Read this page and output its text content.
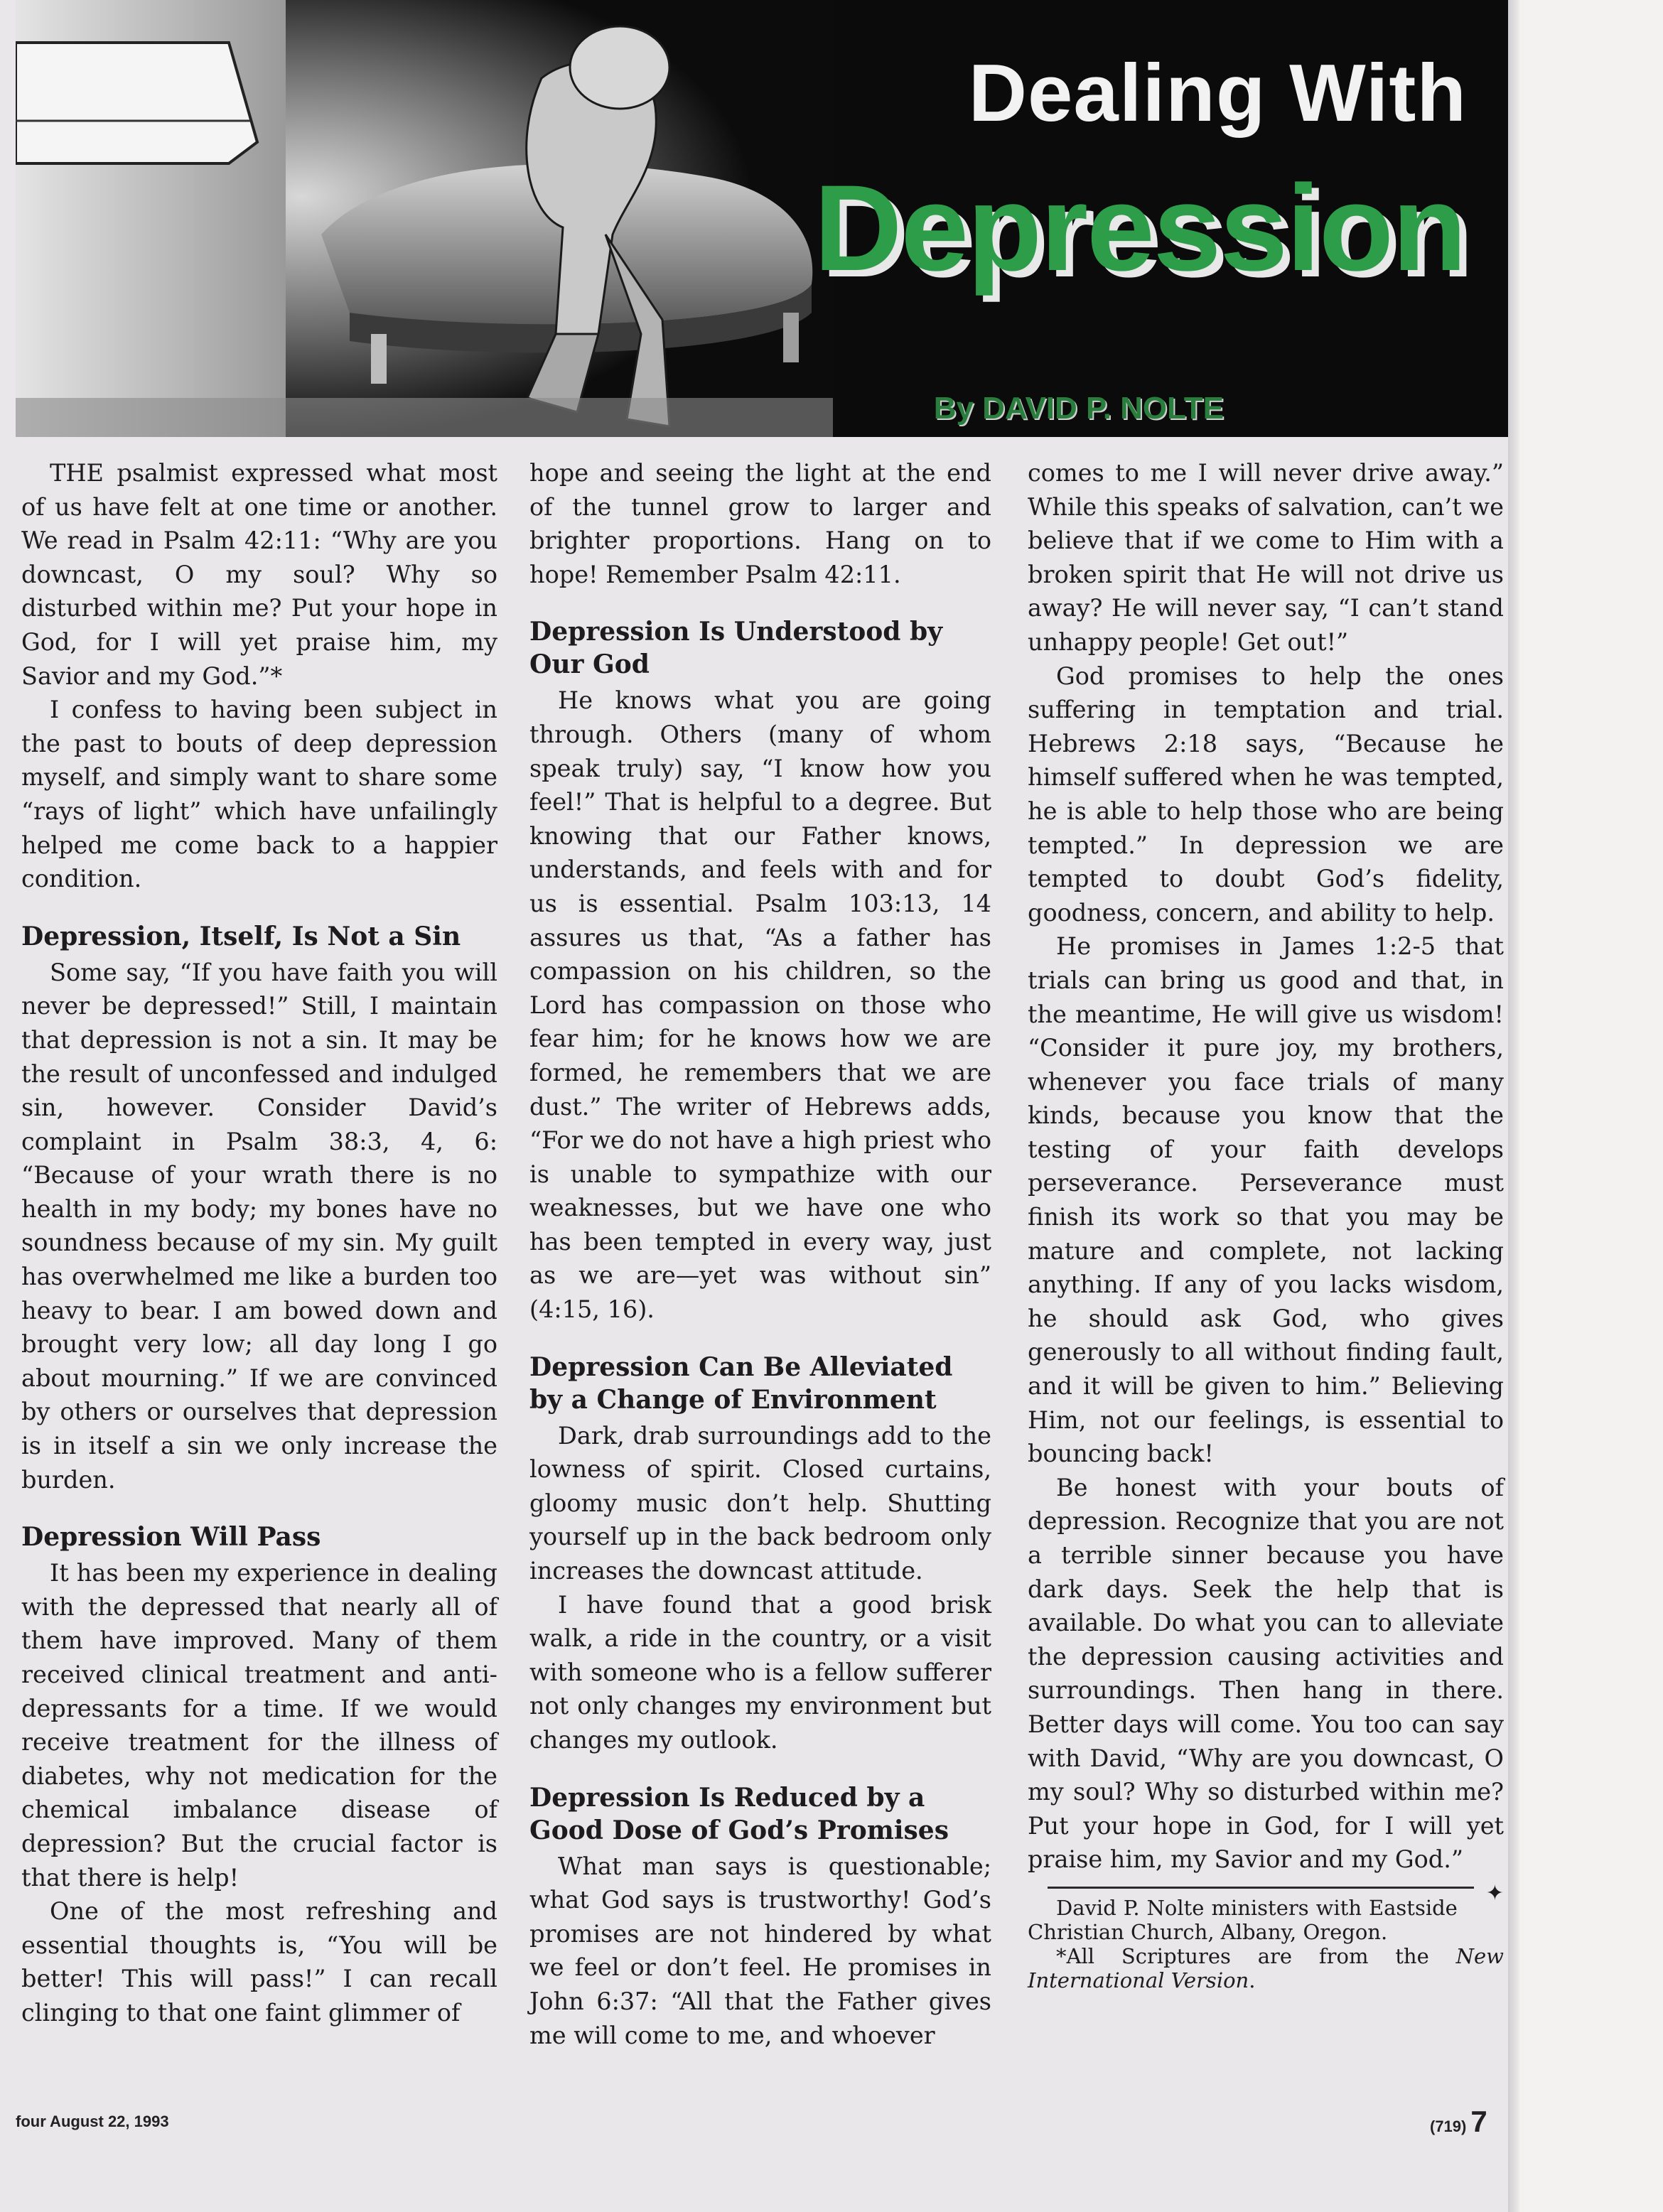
Dealing With
Depression
By DAVID P. NOLTE

THE psalmist expressed what most of us have felt at one time or another. We read in Psalm 42:11: “Why are you downcast, O my soul? Why so disturbed within me? Put your hope in God, for I will yet praise him, my Savior and my God.”*

I confess to having been subject in the past to bouts of deep depression myself, and simply want to share some “rays of light” which have unfailingly helped me come back to a happier condition.

Depression, Itself, Is Not a Sin

Some say, “If you have faith you will never be depressed!” Still, I maintain that depression is not a sin. It may be the result of unconfessed and indulged sin, however. Consider David’s complaint in Psalm 38:3, 4, 6: “Because of your wrath there is no health in my body; my bones have no soundness because of my sin. My guilt has overwhelmed me like a burden too heavy to bear. I am bowed down and brought very low; all day long I go about mourning.” If we are convinced by others or ourselves that depression is in itself a sin we only increase the burden.

Depression Will Pass

It has been my experience in dealing with the depressed that nearly all of them have improved. Many of them received clinical treatment and anti-depressants for a time. If we would receive treatment for the illness of diabetes, why not medication for the chemical imbalance disease of depression? But the crucial factor is that there is help!

One of the most refreshing and essential thoughts is, “You will be better! This will pass!” I can recall clinging to that one faint glimmer of

hope and seeing the light at the end of the tunnel grow to larger and brighter proportions. Hang on to hope! Remember Psalm 42:11.

Depression Is Understood by Our God

He knows what you are going through. Others (many of whom speak truly) say, “I know how you feel!” That is helpful to a degree. But knowing that our Father knows, understands, and feels with and for us is essential. Psalm 103:13, 14 assures us that, “As a father has compassion on his children, so the Lord has compassion on those who fear him; for he knows how we are formed, he remembers that we are dust.” The writer of Hebrews adds, “For we do not have a high priest who is unable to sympathize with our weaknesses, but we have one who has been tempted in every way, just as we are—yet was without sin” (4:15, 16).

Depression Can Be Alleviated by a Change of Environment

Dark, drab surroundings add to the lowness of spirit. Closed curtains, gloomy music don’t help. Shutting yourself up in the back bedroom only increases the downcast attitude.

I have found that a good brisk walk, a ride in the country, or a visit with someone who is a fellow sufferer not only changes my environment but changes my outlook.

Depression Is Reduced by a Good Dose of God’s Promises

What man says is questionable; what God says is trustworthy! God’s promises are not hindered by what we feel or don’t feel. He promises in John 6:37: “All that the Father gives me will come to me, and whoever

comes to me I will never drive away.” While this speaks of salvation, can’t we believe that if we come to Him with a broken spirit that He will not drive us away? He will never say, “I can’t stand unhappy people! Get out!”

God promises to help the ones suffering in temptation and trial. Hebrews 2:18 says, “Because he himself suffered when he was tempted, he is able to help those who are being tempted.” In depression we are tempted to doubt God’s fidelity, goodness, concern, and ability to help.

He promises in James 1:2-5 that trials can bring us good and that, in the meantime, He will give us wisdom! “Consider it pure joy, my brothers, whenever you face trials of many kinds, because you know that the testing of your faith develops perseverance. Perseverance must finish its work so that you may be mature and complete, not lacking anything. If any of you lacks wisdom, he should ask God, who gives generously to all without finding fault, and it will be given to him.” Believing Him, not our feelings, is essential to bouncing back!

Be honest with your bouts of depression. Recognize that you are not a terrible sinner because you have dark days. Seek the help that is available. Do what you can to alleviate the depression causing activities and surroundings. Then hang in there. Better days will come. You too can say with David, “Why are you downcast, O my soul? Why so disturbed within me? Put your hope in God, for I will yet praise him, my Savior and my God.”
✦

David P. Nolte ministers with Eastside Christian Church, Albany, Oregon.

*All Scriptures are from the New International Version.

four August 22, 1993	(719) 7
